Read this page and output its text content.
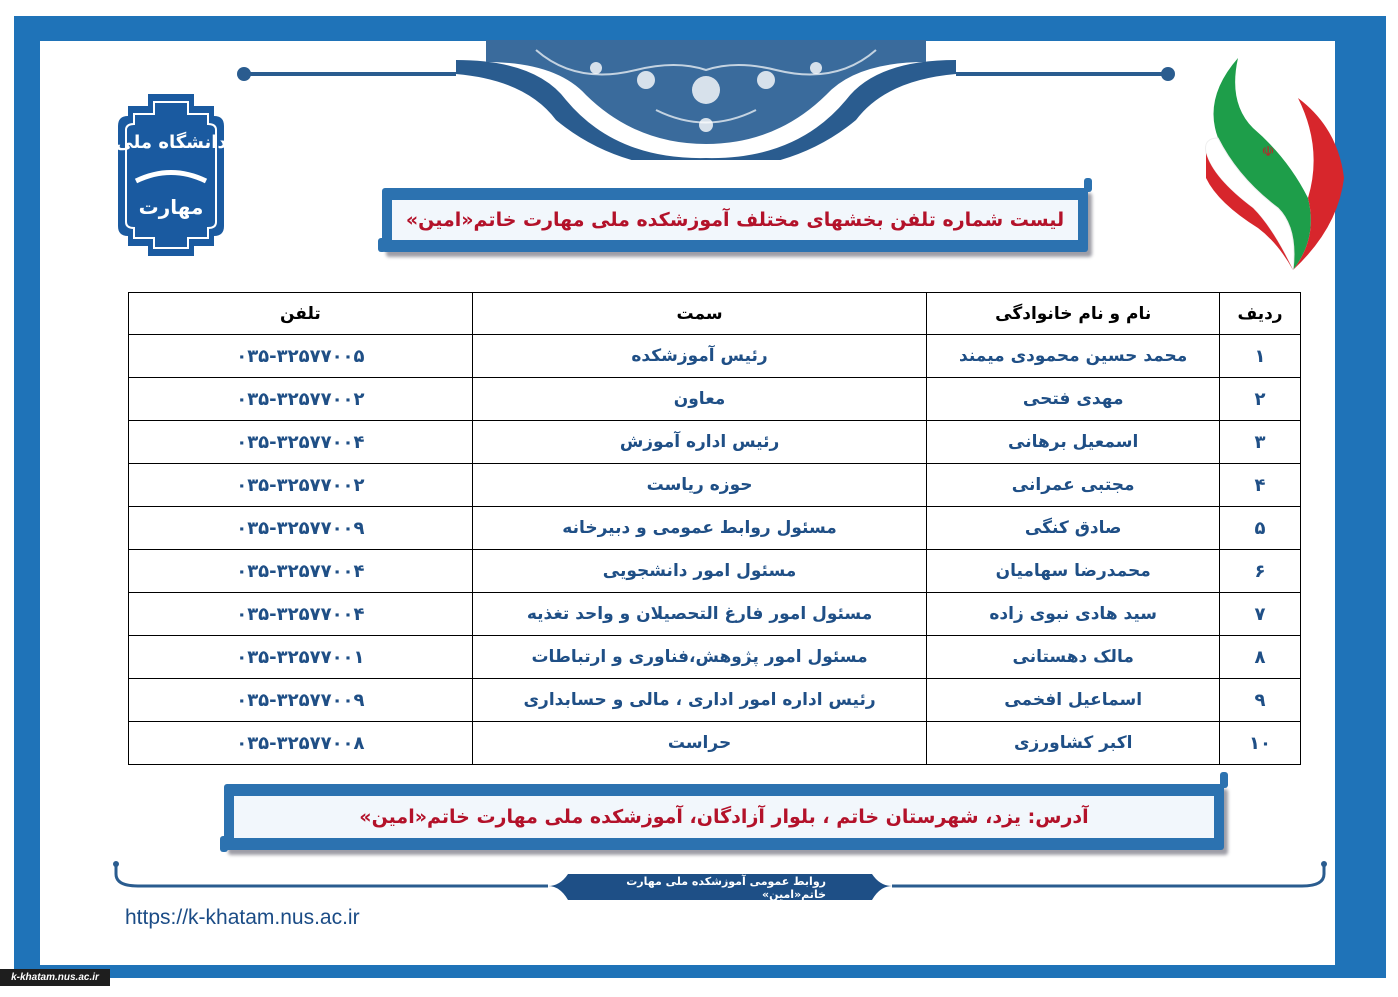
دانشگاه ملی
مهارت
☫
لیست شماره تلفن بخشهای مختلف آموزشکده ملی مهارت خاتم«امین»
ردیف	نام و نام خانوادگی	سمت	تلفن
۱	محمد حسین محمودی میمند	رئیس آموزشکده	۰۳۵-۳۲۵۷۷۰۰۵
۲	مهدی فتحی	معاون	۰۳۵-۳۲۵۷۷۰۰۲
۳	اسمعیل برهانی	رئیس اداره آموزش	۰۳۵-۳۲۵۷۷۰۰۴
۴	مجتبی عمرانی	حوزه ریاست	۰۳۵-۳۲۵۷۷۰۰۲
۵	صادق کنگی	مسئول روابط عمومی و دبیرخانه	۰۳۵-۳۲۵۷۷۰۰۹
۶	محمدرضا سهامیان	مسئول امور دانشجویی	۰۳۵-۳۲۵۷۷۰۰۴
۷	سید هادی نبوی زاده	مسئول امور فارغ التحصیلان و واحد تغذیه	۰۳۵-۳۲۵۷۷۰۰۴
۸	مالک دهستانی	مسئول امور پژوهش،فناوری و ارتباطات	۰۳۵-۳۲۵۷۷۰۰۱
۹	اسماعیل افخمی	رئیس اداره امور اداری ، مالی و حسابداری	۰۳۵-۳۲۵۷۷۰۰۹
۱۰	اکبر کشاورزی	حراست	۰۳۵-۳۲۵۷۷۰۰۸
آدرس: یزد، شهرستان خاتم ، بلوار آزادگان، آموزشکده ملی مهارت خاتم«امین»
روابط عمومی آموزشکده ملی مهارت خاتم«امین»
https://k-khatam.nus.ac.ir
k-khatam.nus.ac.ir
